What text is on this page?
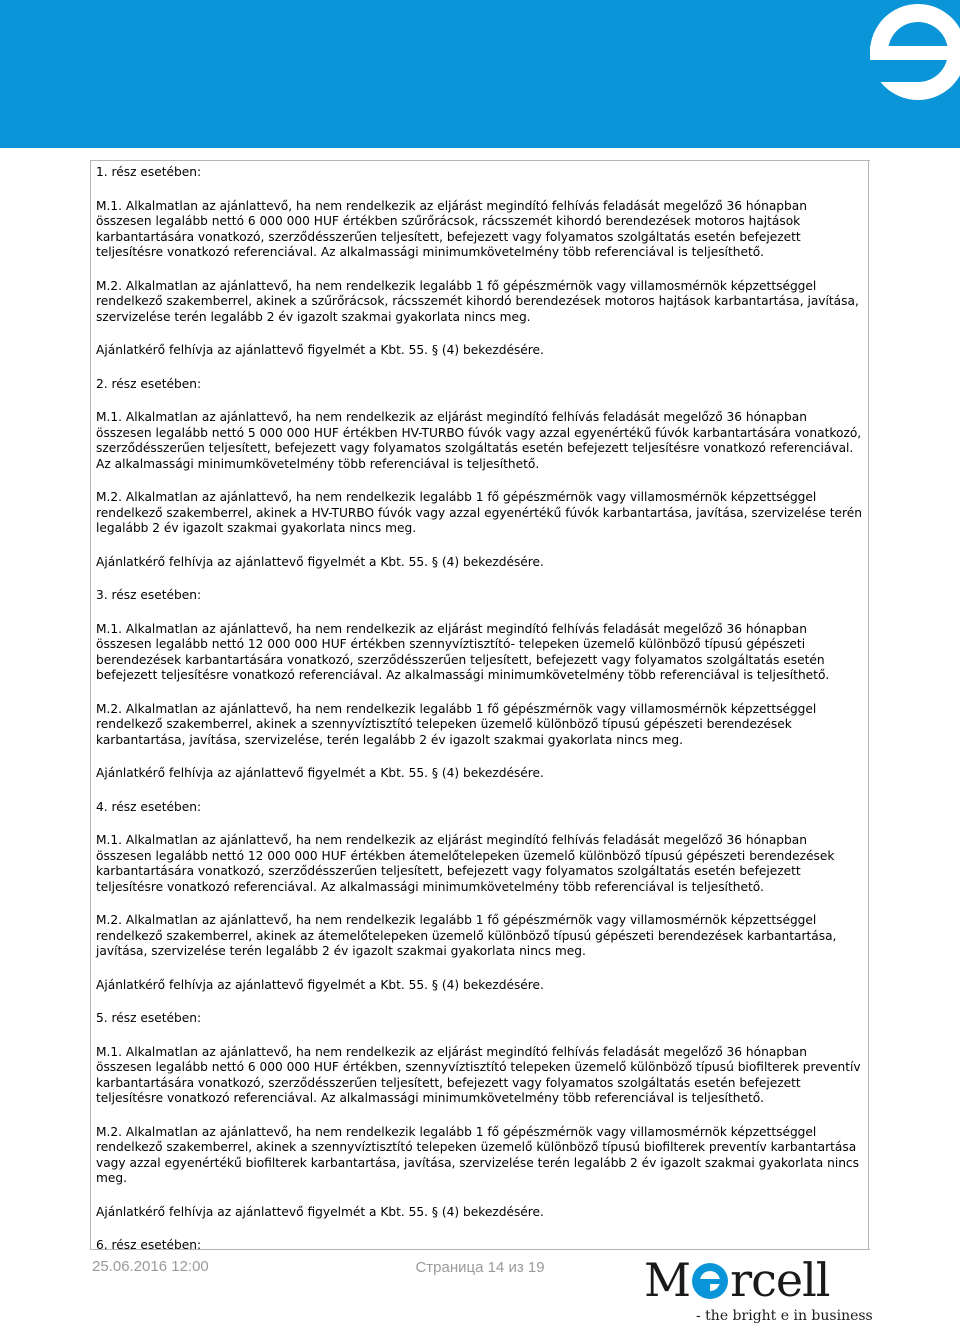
1. rész esetében:

M.1. Alkalmatlan az ajánlattevő, ha nem rendelkezik az eljárást megindító felhívás feladását megelőző 36 hónapban összesen legalább nettó 6 000 000 HUF értékben szűrőrácsok, rácsszemét kihordó berendezések motoros hajtások karbantartására vonatkozó, szerződésszerűen teljesített, befejezett vagy folyamatos szolgáltatás esetén befejezett teljesítésre vonatkozó referenciával. Az alkalmassági minimumkövetelmény több referenciával is teljesíthető.

M.2. Alkalmatlan az ajánlattevő, ha nem rendelkezik legalább 1 fő gépészmérnök vagy villamosmérnök képzettséggel rendelkező szakemberrel, akinek a szűrőrácsok, rácsszemét kihordó berendezések motoros hajtások karbantartása, javítása, szervizelése terén legalább 2 év igazolt szakmai gyakorlata nincs meg.

Ajánlatkérő felhívja az ajánlattevő figyelmét a Kbt. 55. § (4) bekezdésére.

2. rész esetében:

M.1. Alkalmatlan az ajánlattevő, ha nem rendelkezik az eljárást megindító felhívás feladását megelőző 36 hónapban összesen legalább nettó 5 000 000 HUF értékben HV-TURBO fúvók vagy azzal egyenértékű fúvók karbantartására vonatkozó, szerződésszerűen teljesített, befejezett vagy folyamatos szolgáltatás esetén befejezett teljesítésre vonatkozó referenciával. Az alkalmassági minimumkövetelmény több referenciával is teljesíthető.

M.2. Alkalmatlan az ajánlattevő, ha nem rendelkezik legalább 1 fő gépészmérnök vagy villamosmérnök képzettséggel rendelkező szakemberrel, akinek a HV-TURBO fúvók vagy azzal egyenértékű fúvók karbantartása, javítása, szervizelése terén legalább 2 év igazolt szakmai gyakorlata nincs meg.

Ajánlatkérő felhívja az ajánlattevő figyelmét a Kbt. 55. § (4) bekezdésére.

3. rész esetében:

M.1. Alkalmatlan az ajánlattevő, ha nem rendelkezik az eljárást megindító felhívás feladását megelőző 36 hónapban összesen legalább nettó 12 000 000 HUF értékben szennyvíztisztító- telepeken üzemelő különböző típusú gépészeti berendezések karbantartására vonatkozó, szerződésszerűen teljesített, befejezett vagy folyamatos szolgáltatás esetén befejezett teljesítésre vonatkozó referenciával. Az alkalmassági minimumkövetelmény több referenciával is teljesíthető.

M.2. Alkalmatlan az ajánlattevő, ha nem rendelkezik legalább 1 fő gépészmérnök vagy villamosmérnök képzettséggel rendelkező szakemberrel, akinek a szennyvíztisztító telepeken üzemelő különböző típusú gépészeti berendezések karbantartása, javítása, szervizelése, terén legalább 2 év igazolt szakmai gyakorlata nincs meg.

Ajánlatkérő felhívja az ajánlattevő figyelmét a Kbt. 55. § (4) bekezdésére.

4. rész esetében:

M.1. Alkalmatlan az ajánlattevő, ha nem rendelkezik az eljárást megindító felhívás feladását megelőző 36 hónapban összesen legalább nettó 12 000 000 HUF értékben átemelőtelepeken üzemelő különböző típusú gépészeti berendezések karbantartására vonatkozó, szerződésszerűen teljesített, befejezett vagy folyamatos szolgáltatás esetén befejezett teljesítésre vonatkozó referenciával. Az alkalmassági minimumkövetelmény több referenciával is teljesíthető.

M.2. Alkalmatlan az ajánlattevő, ha nem rendelkezik legalább 1 fő gépészmérnök vagy villamosmérnök képzettséggel rendelkező szakemberrel, akinek az átemelőtelepeken üzemelő különböző típusú gépészeti berendezések karbantartása, javítása, szervizelése terén legalább 2 év igazolt szakmai gyakorlata nincs meg.

Ajánlatkérő felhívja az ajánlattevő figyelmét a Kbt. 55. § (4) bekezdésére.

5. rész esetében:

M.1. Alkalmatlan az ajánlattevő, ha nem rendelkezik az eljárást megindító felhívás feladását megelőző 36 hónapban összesen legalább nettó 6 000 000 HUF értékben, szennyvíztisztító telepeken üzemelő különböző típusú biofilterek preventív karbantartására vonatkozó, szerződésszerűen teljesített, befejezett vagy folyamatos szolgáltatás esetén befejezett teljesítésre vonatkozó referenciával. Az alkalmassági minimumkövetelmény több referenciával is teljesíthető.

M.2. Alkalmatlan az ajánlattevő, ha nem rendelkezik legalább 1 fő gépészmérnök vagy villamosmérnök képzettséggel rendelkező szakemberrel, akinek a szennyvíztisztító telepeken üzemelő különböző típusú biofilterek preventív karbantartása vagy azzal egyenértékű biofilterek karbantartása, javítása, szervizelése terén legalább 2 év igazolt szakmai gyakorlata nincs meg.

Ajánlatkérő felhívja az ajánlattevő figyelmét a Kbt. 55. § (4) bekezdésére.

6. rész esetében:

25.06.2016 12:00	Страница 14 из 19 M rcell
- the bright e in business
